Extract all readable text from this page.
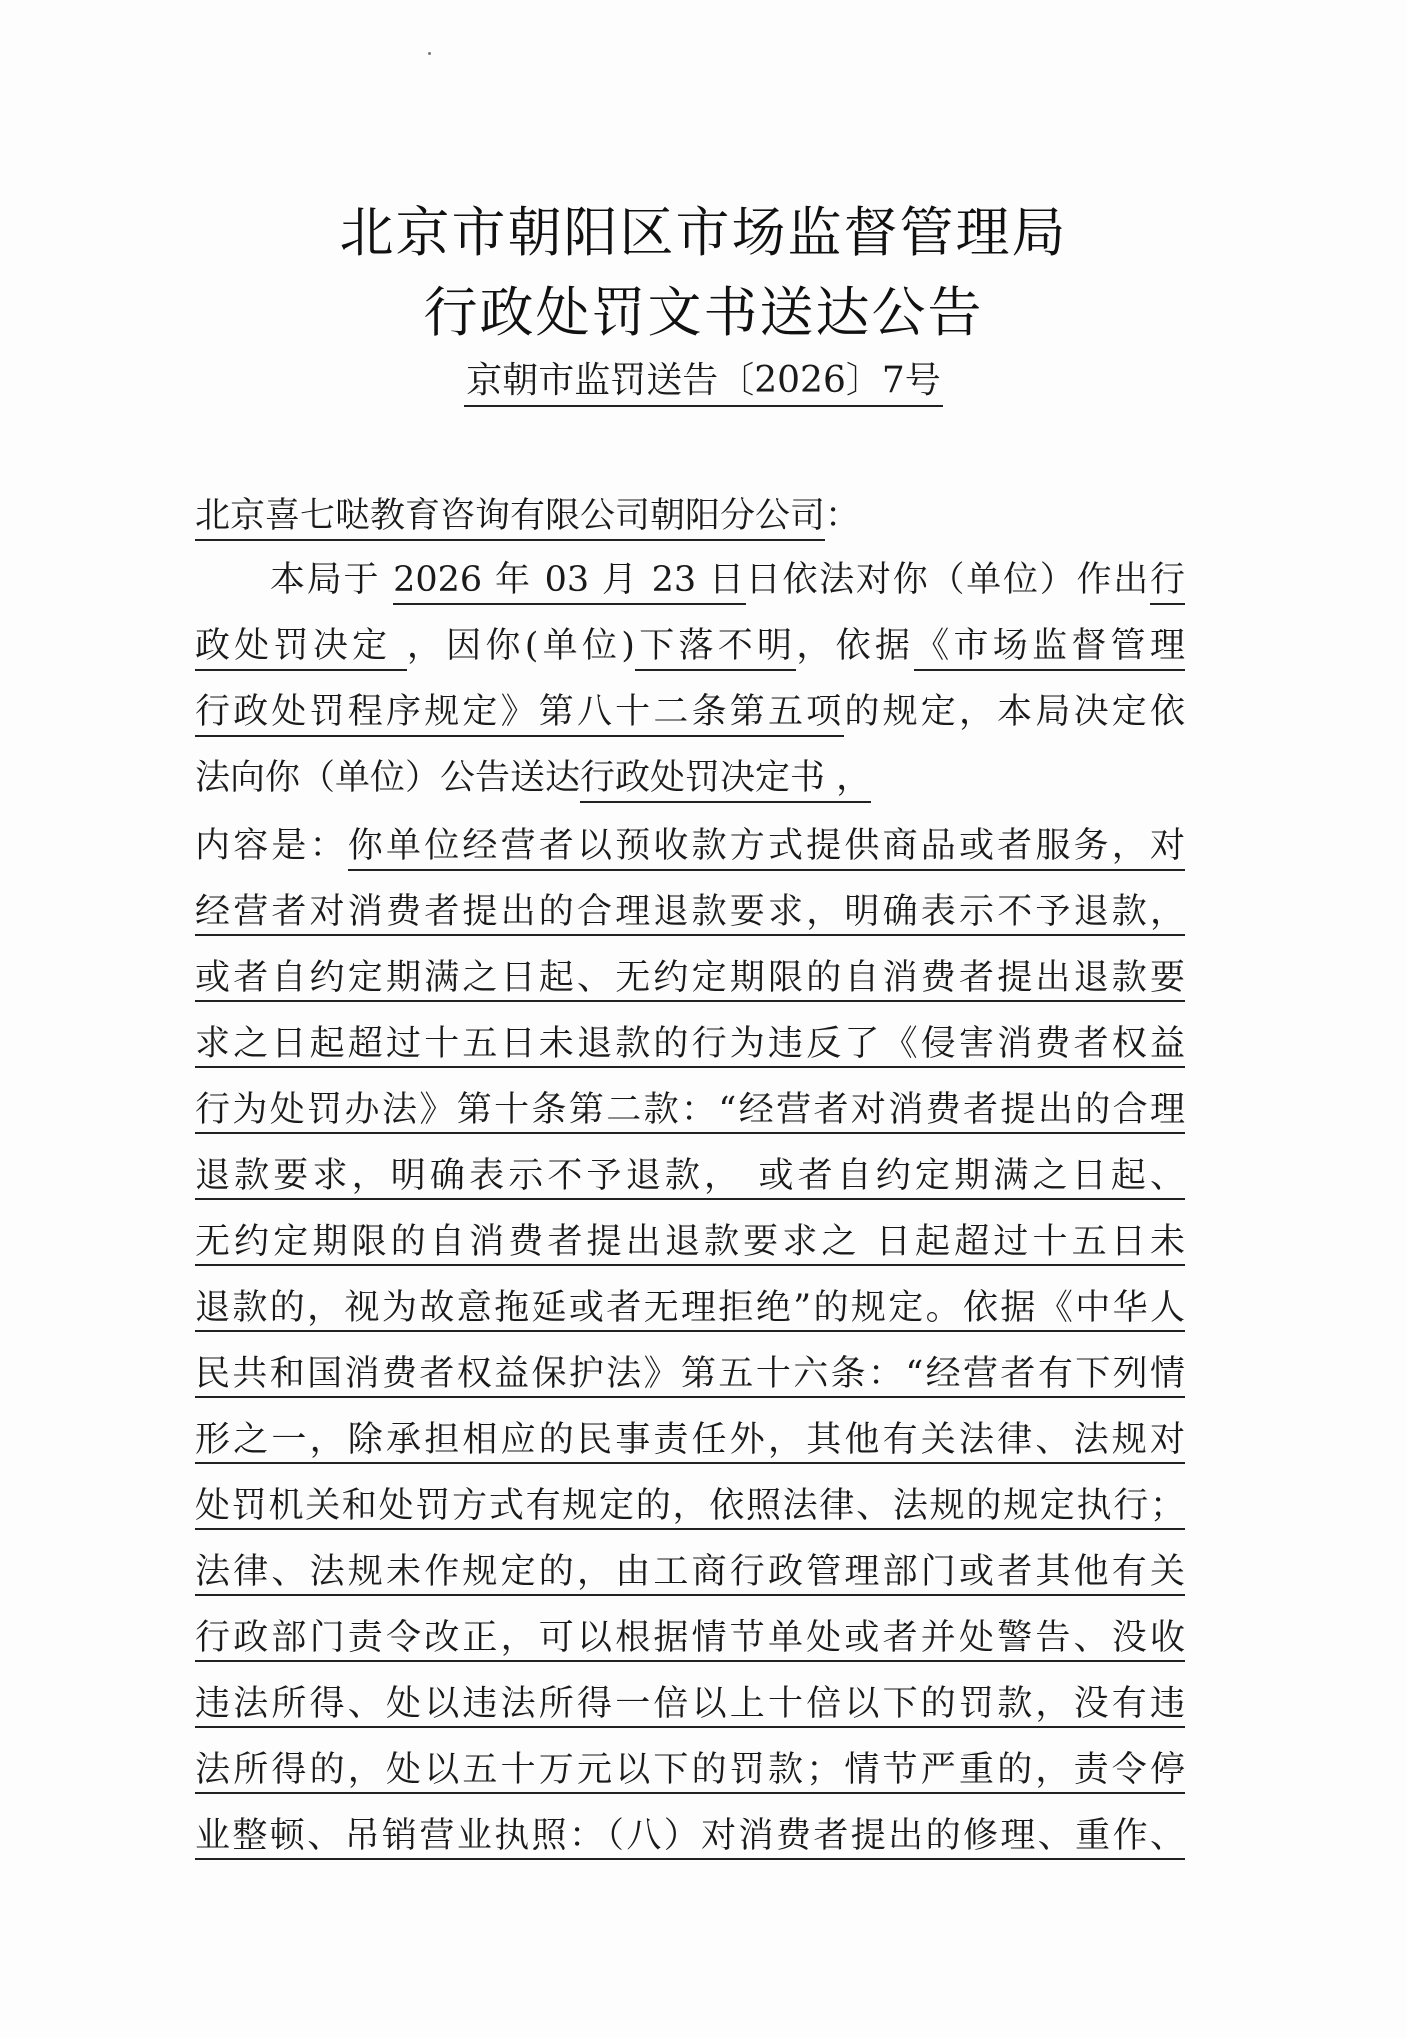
北京市朝阳区市场监督管理局
行政处罚文书送达公告
京朝市监罚送告〔2026〕7号
北京喜七哒教育咨询有限公司朝阳分公司：
本局于 2026 年 03 月 23 日日依法对你（单位）作出行
政处罚决定 ，因你(单位)下落不明，依据《市场监督管理
行政处罚程序规定》第八十二条第五项的规定，本局决定依
法向你（单位）公告送达行政处罚决定书 ，
内容是：你单位经营者以预收款方式提供商品或者服务，对
经营者对消费者提出的合理退款要求，明确表示不予退款，
或者自约定期满之日起、无约定期限的自消费者提出退款要
求之日起超过十五日未退款的行为违反了《侵害消费者权益
行为处罚办法》第十条第二款：“经营者对消费者提出的合理
退款要求，明确表示不予退款， 或者自约定期满之日起、
无约定期限的自消费者提出退款要求之 日起超过十五日未
退款的，视为故意拖延或者无理拒绝”的规定。依据《中华人
民共和国消费者权益保护法》第五十六条：“经营者有下列情
形之一，除承担相应的民事责任外，其他有关法律、法规对
处罚机关和处罚方式有规定的，依照法律、法规的规定执行；
法律、法规未作规定的，由工商行政管理部门或者其他有关
行政部门责令改正，可以根据情节单处或者并处警告、没收
违法所得、处以违法所得一倍以上十倍以下的罚款，没有违
法所得的，处以五十万元以下的罚款；情节严重的，责令停
业整顿、吊销营业执照：（八）对消费者提出的修理、重作、
